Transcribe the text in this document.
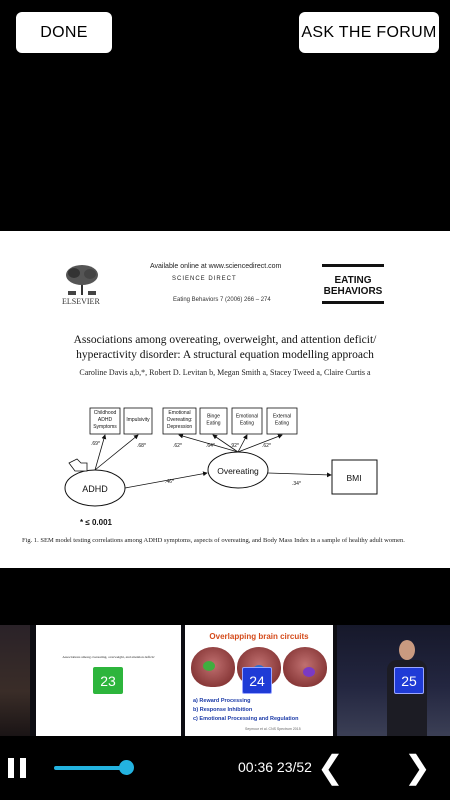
DONE	ASK THE FORUM
ELSEVIER
Available online at www.sciencedirect.com
SCIENCE DIRECT
Eating Behaviors 7 (2006) 266 – 274
EATING
BEHAVIORS
Associations among overeating, overweight, and attention deficit/
hyperactivity disorder: A structural equation modelling approach
Caroline Davis a,b,*, Robert D. Levitan b, Megan Smith a, Stacey Tweed a, Claire Curtis a
Childhood
ADHD
Symptoms
Impulsivity
Emotional
Overeating:
Depression
Binge
Eating
Emotional
Eating
External
Eating
ADHD
Overeating
BMI
.69*	.68*	.62*	.64*	.92*	.62*
.46*	.34*
* ≤ 0.001
Fig. 1. SEM model testing correlations among ADHD symptoms, aspects of overeating, and Body Mass Index in a sample of healthy adult women.
Associations among overeating, overweight, and attention deficit/
23
Overlapping brain circuits
24
a) Reward Processing
b) Response Inhibition
c) Emotional Processing and Regulation
Seymour et al. CNS Spectrum 2015
25
00:36 23/52 ❮ ❯
